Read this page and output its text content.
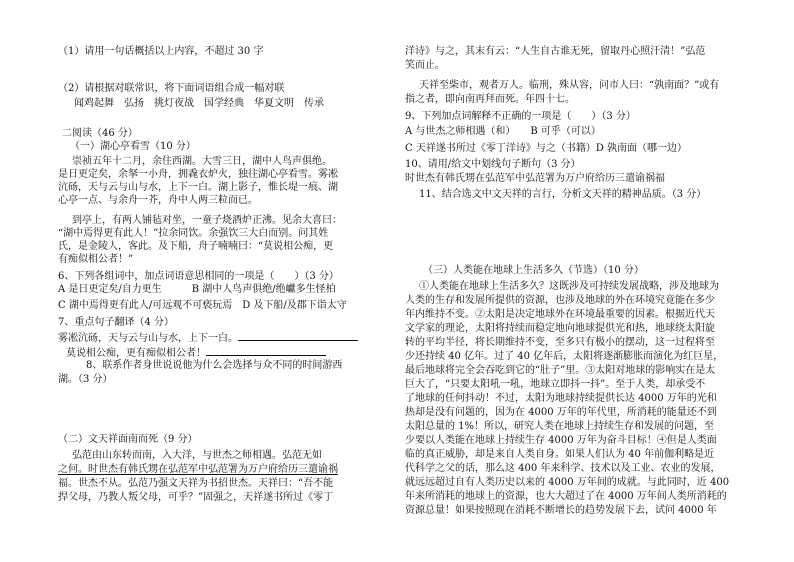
（1）请用一句话概括以上内容，不超过 30 字
（2）请根据对联常识，将下面词语组合成一幅对联
闻鸡起舞　弘扬　挑灯夜战　国学经典　华夏文明　传承
二阅读（46 分）
（一）湖心亭看雪（10 分）
崇祯五年十二月，余住西湖。大雪三日，湖中人鸟声俱绝。
是日更定矣，余拏一小舟，拥毳衣炉火，独往湖心亭看雪。雾凇
沆砀，天与云与山与水，上下一白。湖上影子，惟长堤一痕、湖
心亭一点、与余舟一芥，舟中人两三粒而已。
到亭上，有两人铺毡对坐，一童子烧酒炉正沸。见余大喜曰：
“湖中焉得更有此人！”拉余同饮。余强饮三大白而别。问其姓
氏，是金陵人，客此。及下船，舟子喃喃曰：“莫说相公痴，更
有痴似相公者！”
6、下列各组词中，加点词语意思相同的一项是（　　）（3 分）
A 是日更定矣/自力更生　　　B 湖中人鸟声俱绝/绝巘多生怪柏
C 湖中焉得更有此人/可远观不可亵玩焉　D 及下船/及郡下诣太守
7、重点句子翻译（4 分）
雾凇沆砀，天与云与山与水，上下一白。
莫说相公痴，更有痴似相公者！
8、联系作者身世说说他为什么会选择与众不同的时间游西
湖。（3 分）
（二）文天祥面南而死（9 分）
弘范由山东转而南，入大洋，与世杰之师相遇。弘范无如
之何。时世杰有韩氏甥在弘范军中弘范署为万户府给历三遣谕祸
福。世杰不从。弘范乃强文天祥为书招世杰。天祥曰：“吾不能
捍父母，乃教人叛父母，可乎？”固强之，天祥遂书所过《零丁
洋诗》与之，其末有云：“人生自古谁无死，留取丹心照汗清！”弘范
笑而止。
天祥至柴市，观者万人。临刑，殊从容，问市人曰：“孰南面？”或有
指之者，即向南再拜而死。年四十七。
9、下列加点词解释不正确的一项是（　　）（3 分）
A 与世杰之师相遇（和）　　B 可乎（可以）
C 天祥遂书所过《零丁洋诗》与之（书籍）D 孰南面（哪一边）
10、请用/给文中划线句子断句（3 分）
时世杰有韩氏甥在弘范军中弘范署为万户府给历三遣谕祸福
11、结合选文中文天祥的言行，分析文天祥的精神品质。（3 分）
（三）人类能在地球上生活多久（节选）（10 分）
①人类能在地球上生活多久？这既涉及可持续发展战略，涉及地球为
人类的生存和发展所提供的资源，也涉及地球的外在环境究竟能在多少
年内维持不变。②太阳是决定地球外在环境最重要的因素。根据近代天
文学家的理论，太阳将持续而稳定地向地球提供光和热，地球绕太阳旋
转的平均半径，将长期维持不变，至多只有极小的摆动，这一过程将至
少还持续 40 亿年。过了 40 亿年后，太阳将逐渐膨胀而演化为红巨星，
最后地球将完全会吞吃到它的“肚子”里。③太阳对地球的影响实在是太
巨大了，“只要太阳吼一吼，地球立即抖一抖”。至于人类，却承受不
了地球的任何抖动！不过，太阳为地球持续提供长达 4000 万年的光和
热却是没有问题的，因为在 4000 万年的年代里，所消耗的能量还不到
太阳总量的 1%！所以，研究人类在地球上持续生存和发展的问题，至
少要以人类能在地球上持续生存 4000 万年为奋斗目标！④但是人类面
临的真正威胁，却是来自人类自身。如果人们认为 40 年前伽利略是近
代科学之父的话，那么这 400 年来科学、技术以及工业、农业的发展，
就远远超过自有人类历史以来的 4000 万年间的成就。与此同时，近 400
年来所消耗的地球上的资源，也大大超过了在 4000 万年间人类所消耗的
资源总量！如果按照现在消耗不断增长的趋势发展下去，试问 4000 年
